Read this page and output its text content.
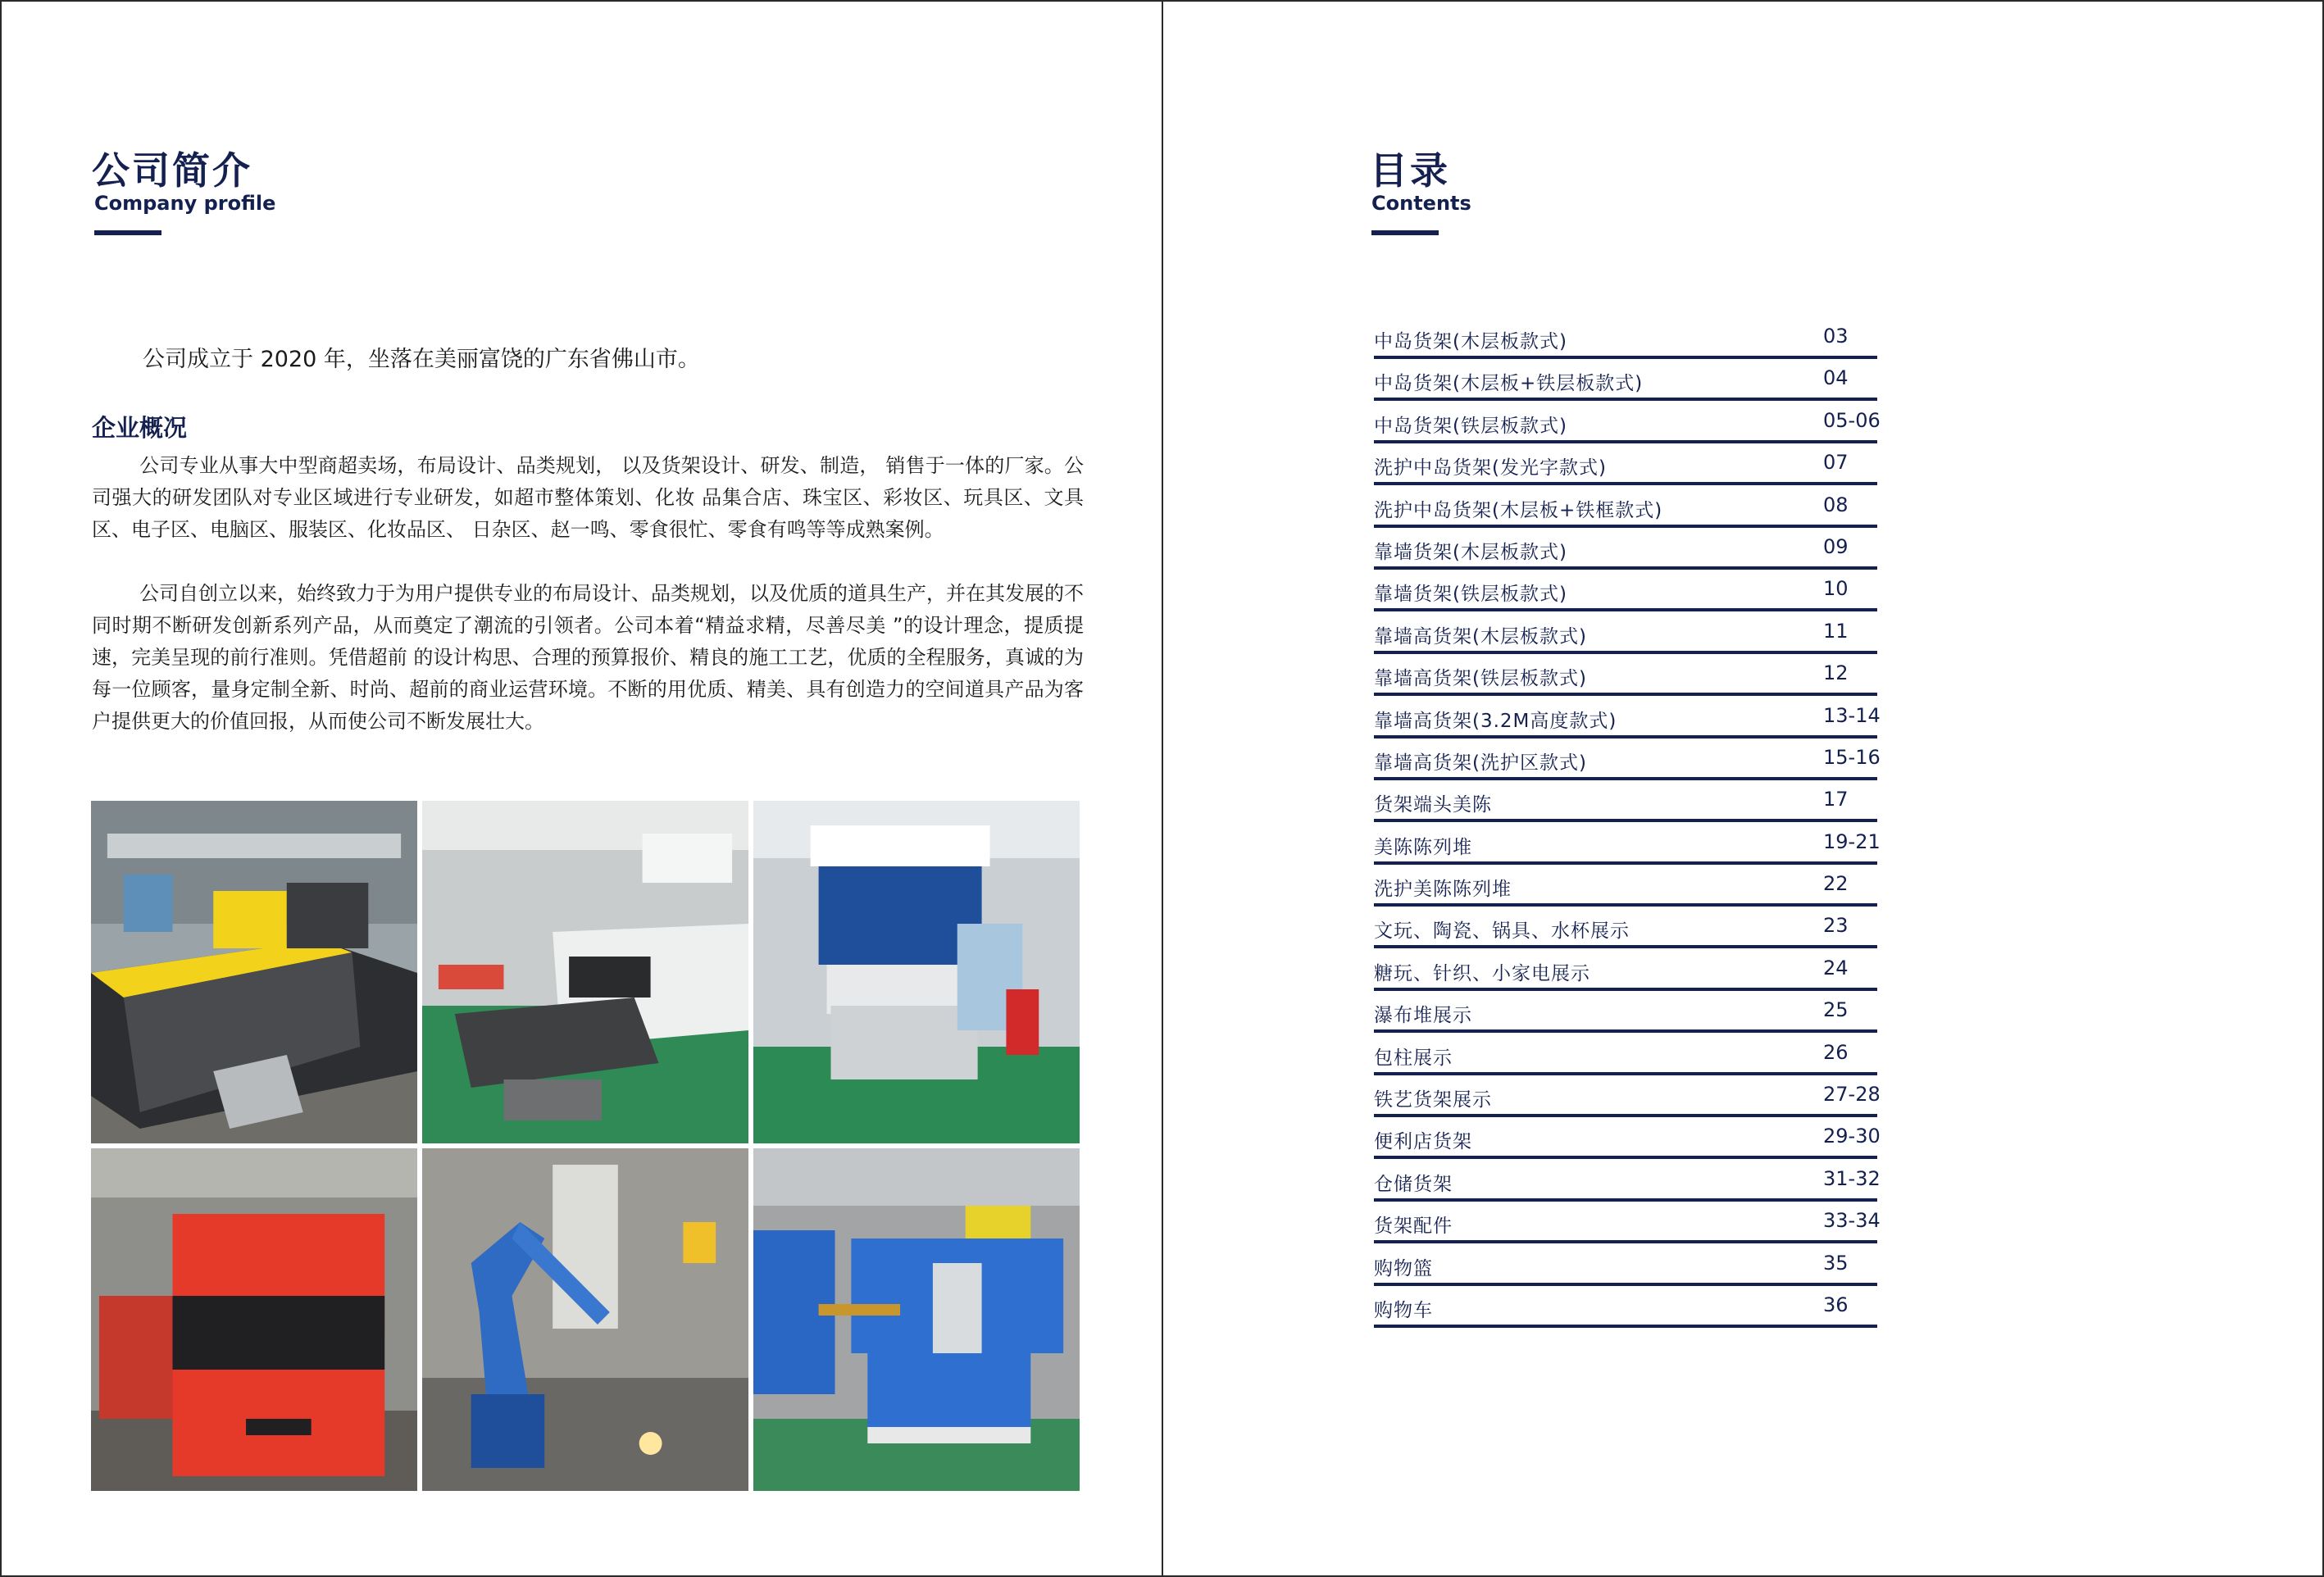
公司简介
Company profile
公司成立于 2020 年，坐落在美丽富饶的广东省佛山市。
企业概况

公司专业从事大中型商超卖场，布局设计、品类规划， 以及货架设计、研发、制造， 销售于一体的厂家。公司强大的研发团队对专业区域进行专业研发，如超市整体策划、化妆 品集合店、珠宝区、彩妆区、玩具区、文具区、电子区、电脑区、服装区、化妆品区、 日杂区、赵一鸣、零食很忙、零食有鸣等等成熟案例。

公司自创立以来，始终致力于为用户提供专业的布局设计、品类规划，以及优质的道具生产，并在其发展的不同时期不断研发创新系列产品，从而奠定了潮流的引领者。公司本着“精益求精，尽善尽美 ”的设计理念，提质提速，完美呈现的前行准则。凭借超前 的设计构思、合理的预算报价、精良的施工工艺，优质的全程服务，真诚的为每一位顾客，量身定制全新、时尚、超前的商业运营环境。不断的用优质、精美、具有创造力的空间道具产品为客户提供更大的价值回报，从而使公司不断发展壮大。

目录
Contents
中岛货架(木层板款式)	03
中岛货架(木层板+铁层板款式)	04
中岛货架(铁层板款式)	05-06
洗护中岛货架(发光字款式)	07
洗护中岛货架(木层板+铁框款式)	08
靠墙货架(木层板款式)	09
靠墙货架(铁层板款式)	10
靠墙高货架(木层板款式)	11
靠墙高货架(铁层板款式)	12
靠墙高货架(3.2M高度款式)	13-14
靠墙高货架(洗护区款式)	15-16
货架端头美陈	17
美陈陈列堆	19-21
洗护美陈陈列堆	22
文玩、陶瓷、锅具、水杯展示	23
糖玩、针织、小家电展示	24
瀑布堆展示	25
包柱展示	26
铁艺货架展示	27-28
便利店货架	29-30
仓储货架	31-32
货架配件	33-34
购物篮	35
购物车	36
